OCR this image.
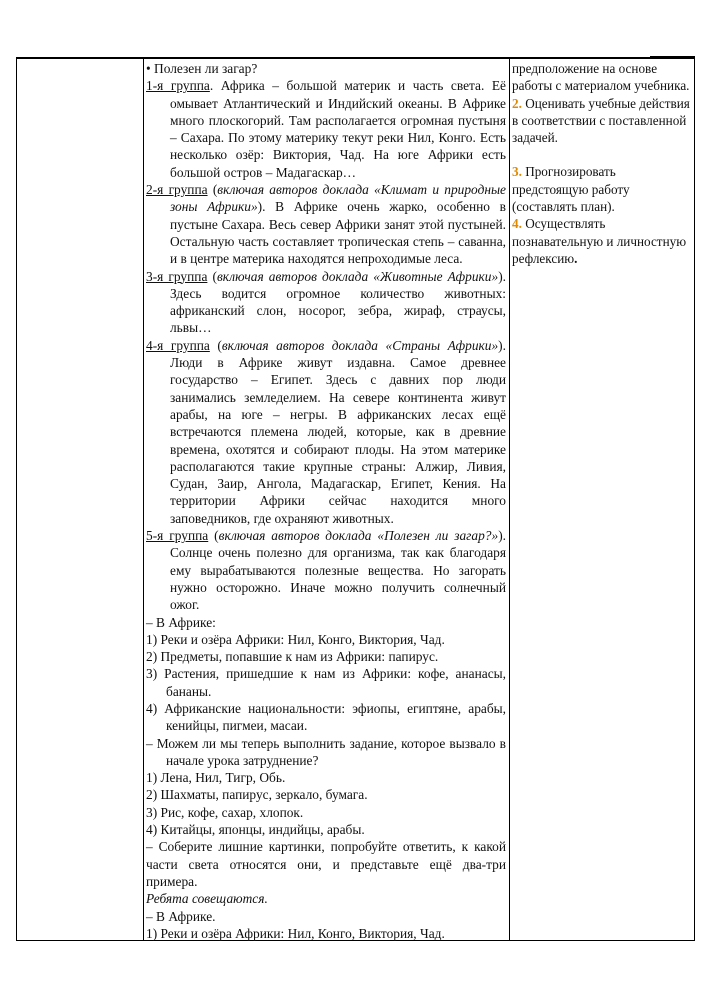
• Полезен ли загар?

1-я группа. Африка – большой материк и часть света. Её омывает Атлантический и Индийский океаны. В Африке много плоскогорий. Там располагается огромная пустыня – Сахара. По этому материку текут реки Нил, Конго. Есть несколько озёр: Виктория, Чад. На юге Африки есть большой остров – Мадагаскар…

2-я группа (включая авторов доклада «Климат и природные зоны Африки»). В Африке очень жарко, особенно в пустыне Сахара. Весь север Африки занят этой пустыней. Остальную часть составляет тропическая степь – саванна, и в центре материка находятся непроходимые леса.

3-я группа (включая авторов доклада «Животные Африки»). Здесь водится огромное количество животных: африканский слон, носорог, зебра, жираф, страусы, львы…

4-я группа (включая авторов доклада «Страны Африки»). Люди в Африке живут издавна. Самое древнее государство – Египет. Здесь с давних пор люди занимались земледелием. На севере континента живут арабы, на юге – негры. В африканских лесах ещё встречаются племена людей, которые, как в древние времена, охотятся и собирают плоды. На этом материке располагаются такие крупные страны: Алжир, Ливия, Судан, Заир, Ангола, Мадагаскар, Египет, Кения. На территории Африки сейчас находится много заповедников, где охраняют животных.

5-я группа (включая авторов доклада «Полезен ли загар?»). Солнце очень полезно для организма, так как благодаря ему вырабатываются полезные вещества. Но загорать нужно осторожно. Иначе можно получить солнечный ожог.

– В Африке:

1) Реки и озёра Африки: Нил, Конго, Виктория, Чад.

2) Предметы, попавшие к нам из Африки: папирус.

3) Растения, пришедшие к нам из Африки: кофе, ананасы, бананы.

4) Африканские национальности: эфиопы, египтяне, арабы, кенийцы, пигмеи, масаи.

– Можем ли мы теперь выполнить задание, которое вызвало в начале урока затруднение?

1) Лена, Нил, Тигр, Обь.

2) Шахматы, папирус, зеркало, бумага.

3) Рис, кофе, сахар, хлопок.

4) Китайцы, японцы, индийцы, арабы.

– Соберите лишние картинки, попробуйте ответить, к какой части света относятся они, и представьте ещё два-три примера.

Ребята совещаются.

– В Африке.

1) Реки и озёра Африки: Нил, Конго, Виктория, Чад.

предположение на основе работы с материалом учебника.

2. Оценивать учебные действия в соответствии с поставленной задачей.

3. Прогнозировать предстоящую работу (составлять план).

4. Осуществлять познавательную и личностную рефлексию.
